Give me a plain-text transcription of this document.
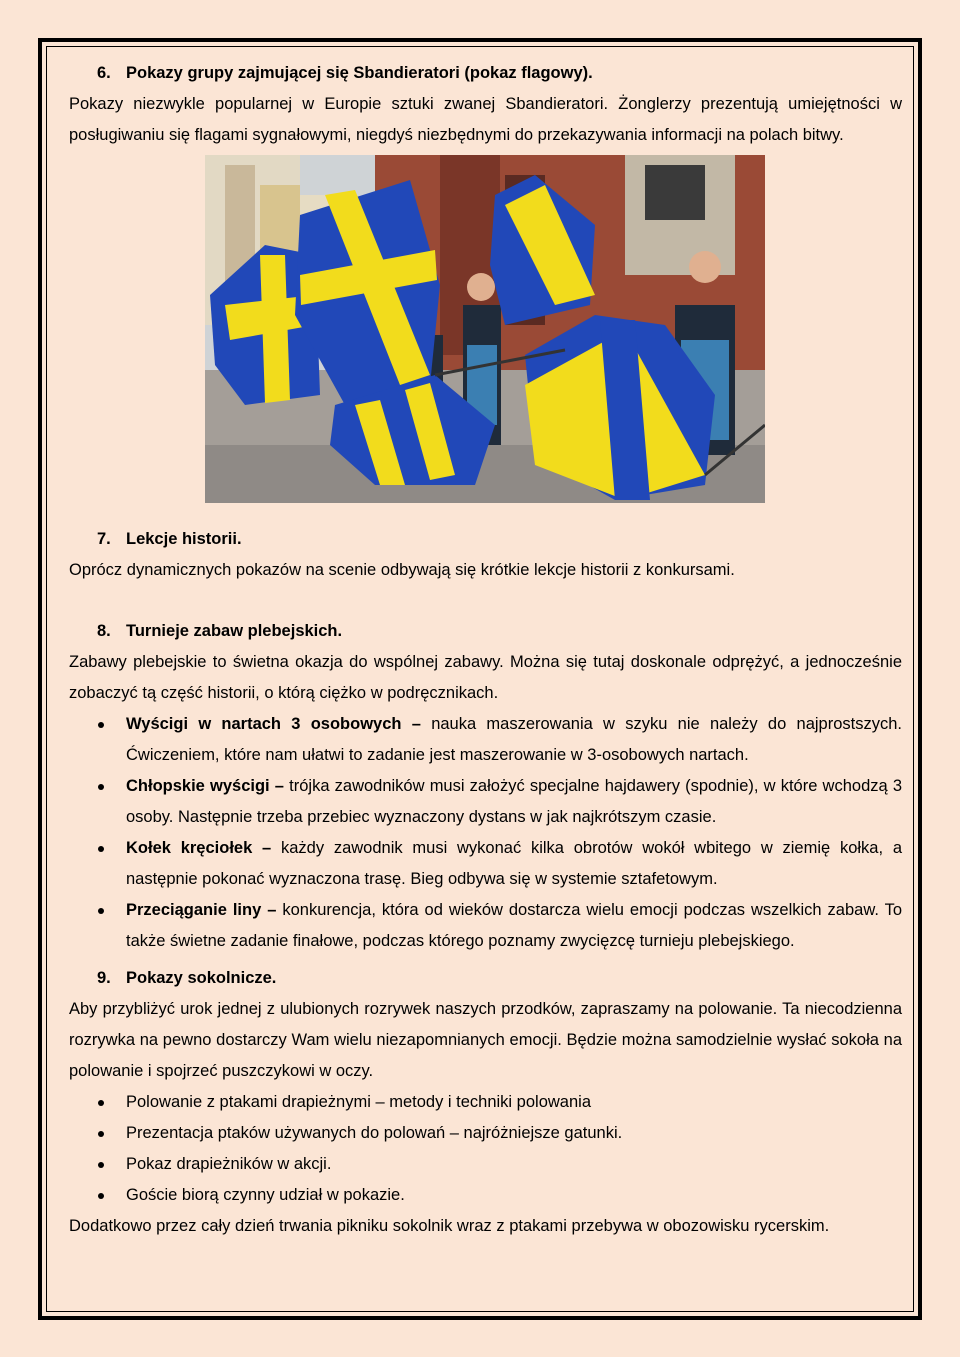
6. Pokazy grupy zajmującej się Sbandieratori (pokaz flagowy).

Pokazy niezwykle popularnej w Europie sztuki zwanej Sbandieratori. Żonglerzy prezentują umiejętności w posługiwaniu się flagami sygnałowymi, niegdyś niezbędnymi do przekazywania informacji na polach bitwy.

7. Lekcje historii.

Oprócz dynamicznych pokazów na scenie odbywają się krótkie lekcje historii z konkursami.

8. Turnieje zabaw plebejskich.

Zabawy plebejskie to świetna okazja do wspólnej zabawy. Można się tutaj doskonale odprężyć, a jednocześnie zobaczyć tą część historii, o którą ciężko w podręcznikach.

Wyścigi w nartach 3 osobowych – nauka maszerowania w szyku nie należy do najprostszych. Ćwiczeniem, które nam ułatwi to zadanie jest maszerowanie w 3-osobowych nartach.
Chłopskie wyścigi – trójka zawodników musi założyć specjalne hajdawery (spodnie), w które wchodzą 3 osoby. Następnie trzeba przebiec wyznaczony dystans w jak najkrótszym czasie.
Kołek kręciołek – każdy zawodnik musi wykonać kilka obrotów wokół wbitego w ziemię kołka, a następnie pokonać wyznaczona trasę. Bieg odbywa się w systemie sztafetowym.
Przeciąganie liny – konkurencja, która od wieków dostarcza wielu emocji podczas wszelkich zabaw. To także świetne zadanie finałowe, podczas którego poznamy zwycięzcę turnieju plebejskiego.
9. Pokazy sokolnicze.

Aby przybliżyć urok jednej z ulubionych rozrywek naszych przodków, zapraszamy na polowanie. Ta niecodzienna rozrywka na pewno dostarczy Wam wielu niezapomnianych emocji. Będzie można samodzielnie wysłać sokoła na polowanie i spojrzeć puszczykowi w oczy.

Polowanie z ptakami drapieżnymi – metody i techniki polowania
Prezentacja ptaków używanych do polowań – najróżniejsze gatunki.
Pokaz drapieżników w akcji.
Goście biorą czynny udział w pokazie.

Dodatkowo przez cały dzień trwania pikniku sokolnik wraz z ptakami przebywa w obozowisku rycerskim.
